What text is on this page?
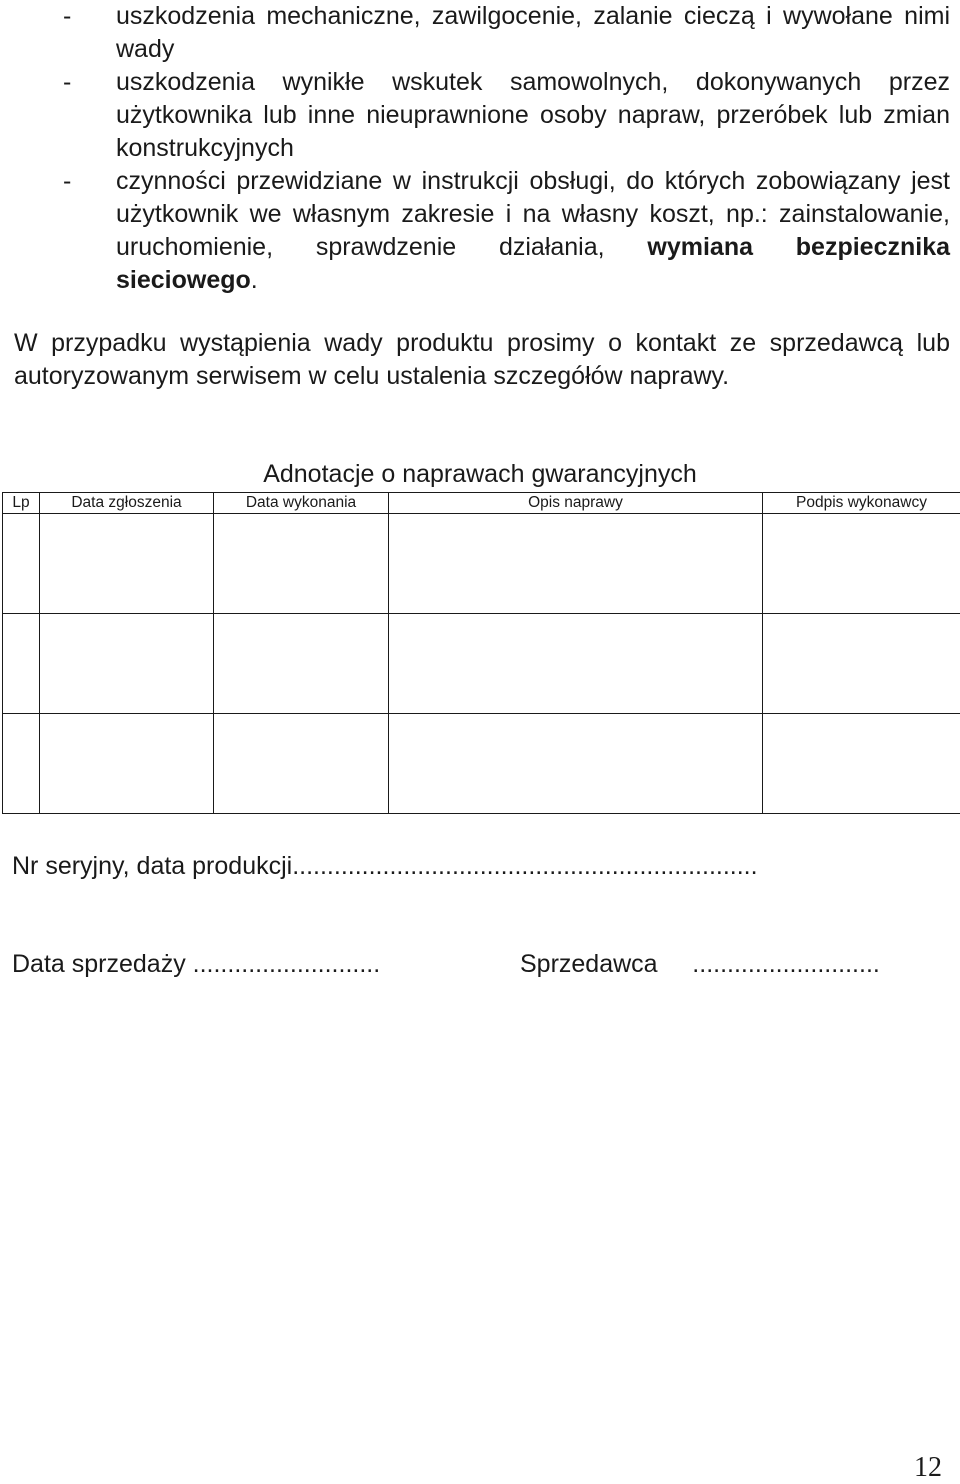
- uszkodzenia mechaniczne, zawilgocenie, zalanie cieczą i wywołane nimi wady
- uszkodzenia wynikłe wskutek samowolnych, dokonywanych przez użytkownika lub inne nieuprawnione osoby napraw, przeróbek lub zmian konstrukcyjnych
- czynności przewidziane w instrukcji obsługi, do których zobowiązany jest użytkownik we własnym zakresie i na własny koszt, np.: zainstalowanie, uruchomienie, sprawdzenie działania, wymiana bezpiecznika sieciowego.

W przypadku wystąpienia wady produktu prosimy o kontakt ze sprzedawcą lub autoryzowanym serwisem w celu ustalenia szczegółów naprawy.

Adnotacje o naprawach gwarancyjnych
Lp	Data zgłoszenia	Data wykonania	Opis naprawy	Podpis wykonawcy

Nr seryjny, data produkcji...................................................................
Data sprzedaży ...........................	Sprzedawca     ...........................
12
